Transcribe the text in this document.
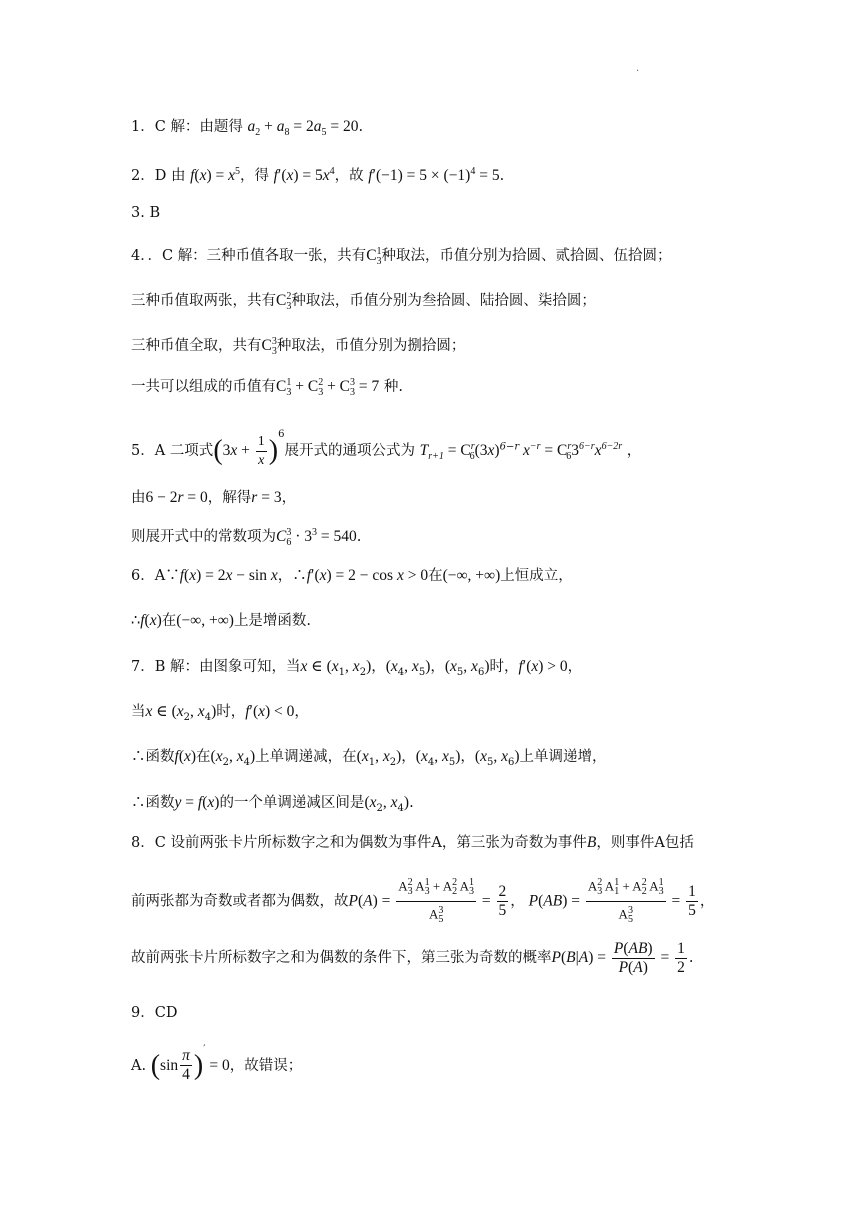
·
1．C 解：由题得 $a_2 + a_8 = 2a_5 = 20$.
2．D 由 $f(x) = x^5$，得 $f'(x) = 5x^4$，故 $f'(-1) = 5 \times (-1)^4 = 5$.
3. B
4．．C 解：三种币值各取一张，共有$C^1_3$种取法，币值分别为拾圆、贰拾圆、伍拾圆；
三种币值取两张，共有$C^2_3$种取法，币值分别为叁拾圆、陆拾圆、柒拾圆；
三种币值全取，共有$C^3_3$种取法，币值分别为捌拾圆；
一共可以组成的币值有$C^1_3 + C^2_3 + C^3_3 = 7$ 种.
5．A 二项式$(3x + \frac{1}{x} )^6$展开式的通项公式为 $T_{r+1} = C^r_6(3x)^{6-r}$ $x^{-r} = C^r_63^{6-r}x^{6-2r}$ ，
由6 − 2r = 0，解得r = 3，
则展开式中的常数项为$C^3_6 \cdot 3^3 = 540$.
6．A∵f(x) = 2x − sin x，∴f′(x) = 2 − cos x > 0在(−∞, +∞)上恒成立，
∴f(x)在(−∞, +∞)上是增函数.
7．B 解：由图象可知，当x ∈ ($x_1$, $x_2$)，($x_4$, $x_5$)，($x_5$, $x_6$)时，f′(x) > 0，
当x ∈ ($x_2$, $x_4$)时，f′(x) < 0，
∴函数f(x)在($x_2$, $x_4$)上单调递减，在($x_1$, $x_2$)，($x_4$, $x_5$)，($x_5$, $x_6$)上单调递增，
∴函数y = f(x)的一个单调递减区间是($x_2$, $x_4$).
8．C 设前两张卡片所标数字之和为偶数为事件A，第三张为奇数为事件B，则事件A包括
前两张都为奇数或者都为偶数，故$P(A) = \frac{A^2_3 A^1_3 + A^2_2 A^1_3}{A^3_5} = \frac{2}{5}$ ， $P(AB) = \frac{A^2_3 A^1_1 + A^2_2 A^1_3}{A^3_5} = \frac{1}{5}$ ，
故前两张卡片所标数字之和为偶数的条件下，第三张为奇数的概率$P(B|A) = \frac{P(AB)}{P(A)} = \frac{1}{2}$ .
9．CD
A. $(\sin \frac{\pi}{4} )' = 0$，故错误；
